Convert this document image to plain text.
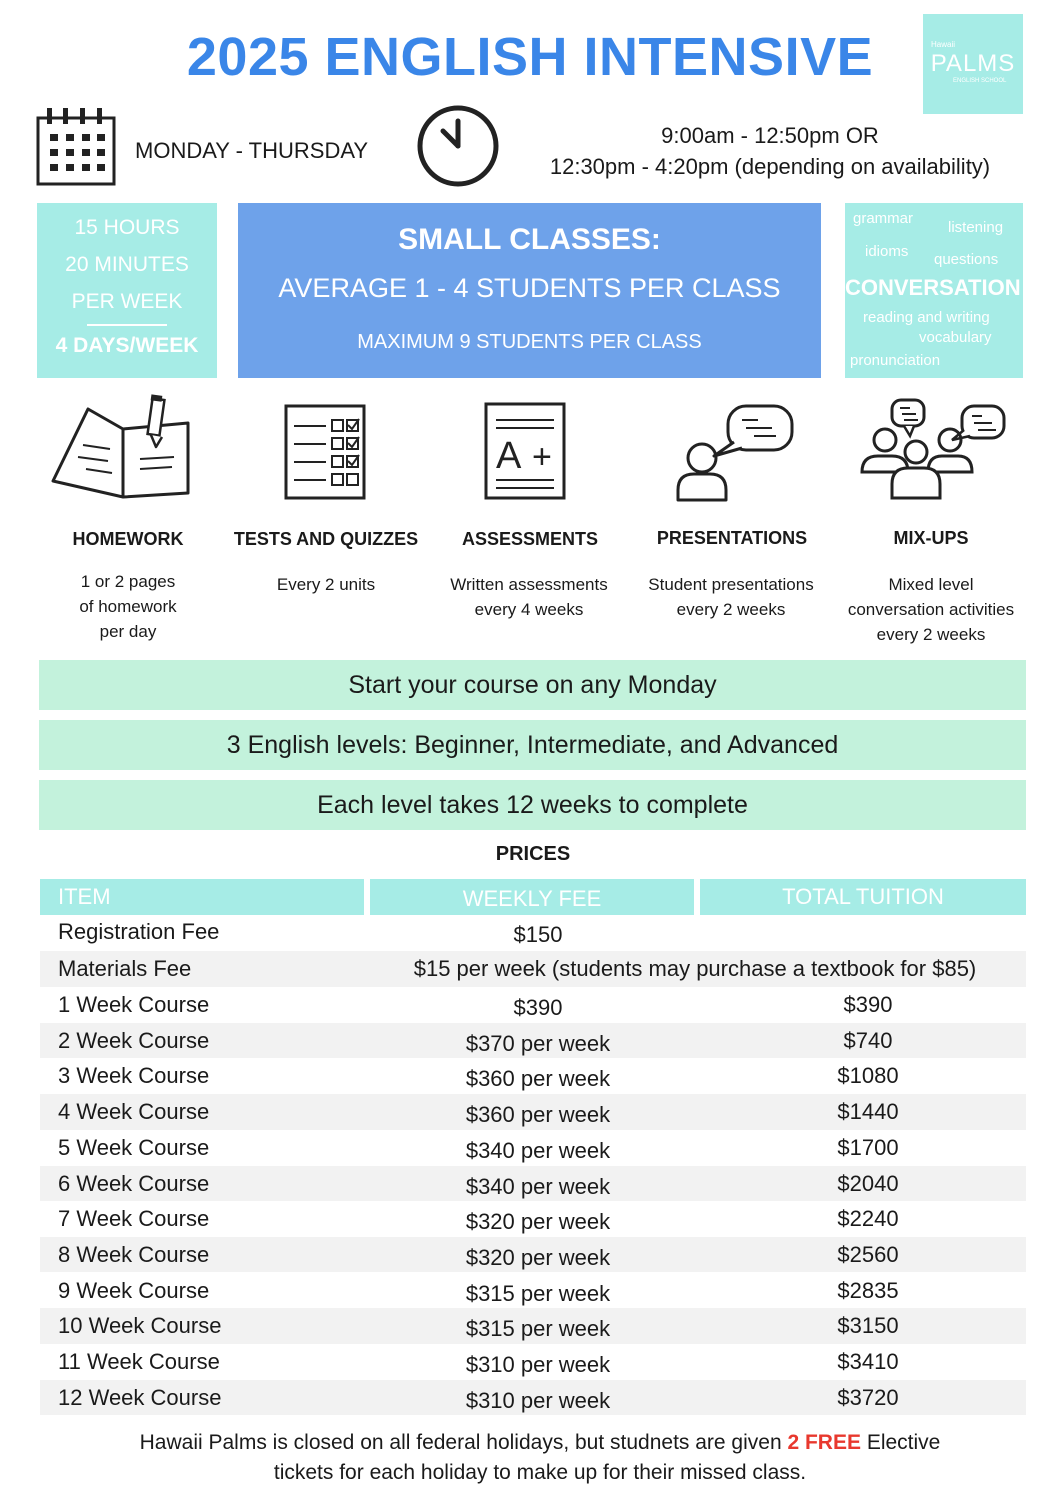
2025 ENGLISH INTENSIVE	Hawaii
PALMS
ENGLISH SCHOOL
MONDAY - THURSDAY
9:00am - 12:50pm OR
12:30pm - 4:20pm (depending on availability)
15 HOURS
20 MINUTES
PER WEEK
4 DAYS/WEEK
SMALL CLASSES:
AVERAGE 1 - 4 STUDENTS PER CLASS
MAXIMUM 9 STUDENTS PER CLASS
grammar
listening
idioms questions
CONVERSATION
reading and writing
vocabulary
pronunciation
A +
HOMEWORK	TESTS AND QUIZZES	ASSESSMENTS	PRESENTATIONS	MIX-UPS
1 or 2 pages
of homework
per day
Every 2 units	Written assessments
every 4 weeks
Student presentations
every 2 weeks
Mixed level
conversation activities
every 2 weeks
Start your course on any Monday
3 English levels: Beginner, Intermediate, and Advanced
Each level takes 12 weeks to complete
PRICES
ITEM	WEEKLY FEE	TOTAL TUITION
Registration Fee	$150
Materials Fee	$15 per week (students may purchase a textbook for $85)
1 Week Course	$390	$390
2 Week Course	$370 per week	$740
3 Week Course	$360 per week	$1080
4 Week Course	$360 per week	$1440
5 Week Course	$340 per week	$1700
6 Week Course	$340 per week	$2040
7 Week Course	$320 per week	$2240
8 Week Course	$320 per week	$2560
9 Week Course	$315 per week	$2835
10 Week Course	$315 per week	$3150
11 Week Course	$310 per week	$3410
12 Week Course	$310 per week	$3720
Hawaii Palms is closed on all federal holidays, but studnets are given 2 FREE Elective
tickets for each holiday to make up for their missed class.
